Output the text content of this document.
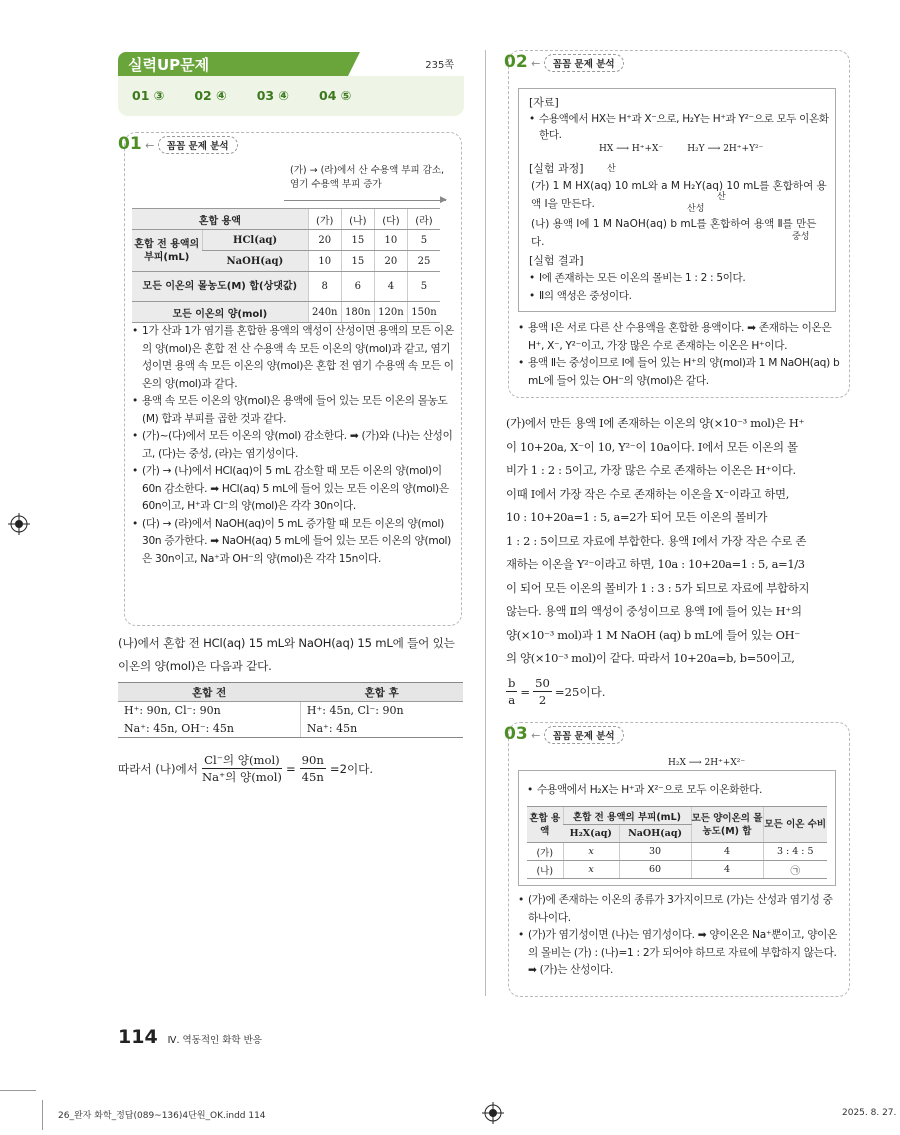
실력UP문제	235쪽
01 ③ 02 ④ 03 ④ 04 ⑤
01 ← 꼼꼼 문제 분석
(가) → (라)에서 산 수용액 부피 감소, 염기 수용액 부피 증가
▶
혼합 용액		(가)	(나)	(다)	(라)
혼합 전 용액의 부피(mL)	HCl(aq)	20	15	10	5
	NaOH(aq)	10	15	20	25
모든 이온의 몰농도(M) 합(상댓값)		8	6	4	5
모든 이온의 양(mol)		240n	180n	120n	150n
• 1가 산과 1가 염기를 혼합한 용액의 액성이 산성이면 용액의 모든 이온의 양(mol)은 혼합 전 산 수용액 속 모든 이온의 양(mol)과 같고, 염기성이면 용액 속 모든 이온의 양(mol)은 혼합 전 염기 수용액 속 모든 이온의 양(mol)과 같다.
• 용액 속 모든 이온의 양(mol)은 용액에 들어 있는 모든 이온의 몰농도(M) 합과 부피를 곱한 것과 같다.
• (가)~(다)에서 모든 이온의 양(mol) 감소한다. ➡ (가)와 (나)는 산성이고, (다)는 중성, (라)는 염기성이다.
• (가) → (나)에서 HCl(aq)이 5 mL 감소할 때 모든 이온의 양(mol)이 60n 감소한다. ➡ HCl(aq) 5 mL에 들어 있는 모든 이온의 양(mol)은 60n이고, H⁺과 Cl⁻의 양(mol)은 각각 30n이다.
• (다) → (라)에서 NaOH(aq)이 5 mL 증가할 때 모든 이온의 양(mol) 30n 증가한다. ➡ NaOH(aq) 5 mL에 들어 있는 모든 이온의 양(mol)은 30n이고, Na⁺과 OH⁻의 양(mol)은 각각 15n이다.
(나)에서 혼합 전 HCl(aq) 15 mL와 NaOH(aq) 15 mL에 들어 있는 이온의 양(mol)은 다음과 같다.
혼합 전	혼합 후
H⁺: 90n, Cl⁻: 90n	H⁺: 45n, Cl⁻: 90n
Na⁺: 45n, OH⁻: 45n	Na⁺: 45n
따라서 (나)에서 $\frac{\text{Cl⁻의 양(mol)}}{\text{Na⁺의 양(mol)}} = \frac{90n}{45n} =2$이다.
02 ← 꼼꼼 문제 분석
[자료]
• 수용액에서 HX는 H⁺과 X⁻으로, H₂Y는 H⁺과 Y²⁻으로 모두 이온화한다.
HX ⟶ H⁺+X⁻	H₂Y ⟶ 2H⁺+Y²⁻
[실험 과정]
(가) 1 M HX(aq) 10 mL와 a M H₂Y(aq) 10 mL를 혼합하여 용액 Ⅰ을 만든다.
(나) 용액 Ⅰ에 1 M NaOH(aq) b mL를 혼합하여 용액 Ⅱ를 만든다.
[실험 결과]
• Ⅰ에 존재하는 모든 이온의 몰비는 1 : 2 : 5이다.
• Ⅱ의 액성은 중성이다.
산
산
산성
중성
• 용액 Ⅰ은 서로 다른 산 수용액을 혼합한 용액이다. ➡ 존재하는 이온은 H⁺, X⁻, Y²⁻이고, 가장 많은 수로 존재하는 이온은 H⁺이다.
• 용액 Ⅱ는 중성이므로 Ⅰ에 들어 있는 H⁺의 양(mol)과 1 M NaOH(aq) b mL에 들어 있는 OH⁻의 양(mol)은 같다.
(가)에서 만든 용액 Ⅰ에 존재하는 이온의 양(×10⁻³ mol)은 H⁺
이 10+20a, X⁻이 10, Y²⁻이 10a이다. Ⅰ에서 모든 이온의 몰
비가 1 : 2 : 5이고, 가장 많은 수로 존재하는 이온은 H⁺이다.
이때 Ⅰ에서 가장 작은 수로 존재하는 이온을 X⁻이라고 하면,
10 : 10+20a=1 : 5, a=2가 되어 모든 이온의 몰비가
1 : 2 : 5이므로 자료에 부합한다. 용액 Ⅰ에서 가장 작은 수로 존
재하는 이온을 Y²⁻이라고 하면, 10a : 10+20a=1 : 5, a=1/3
이 되어 모든 이온의 몰비가 1 : 3 : 5가 되므로 자료에 부합하지
않는다. 용액 Ⅱ의 액성이 중성이므로 용액 Ⅰ에 들어 있는 H⁺의
양(×10⁻³ mol)과 1 M NaOH (aq) b mL에 들어 있는 OH⁻
의 양(×10⁻³ mol)이 같다. 따라서 10+20a=b, b=50이고,
$\frac{b}{a} = \frac{50}{2} =25$이다.
03 ← 꼼꼼 문제 분석
H₂X ⟶ 2H⁺+X²⁻
• 수용액에서 H₂X는 H⁺과 X²⁻으로 모두 이온화한다.
혼합 용액	혼합 전 용액의 부피(mL)		모든 양이온의 몰농도(M) 합	모든 이온 수비
	H₂X(aq)	NaOH(aq)		
(가)	x	30	4	3 : 4 : 5
(나)	x	60	4	㉠
• (가)에 존재하는 이온의 종류가 3가지이므로 (가)는 산성과 염기성 중 하나이다.
• (가)가 염기성이면 (나)는 염기성이다. ➡ 양이온은 Na⁺뿐이고, 양이온의 몰비는 (가) : (나)=1 : 2가 되어야 하므로 자료에 부합하지 않는다. ➡ (가)는 산성이다.
114 Ⅳ. 역동적인 화학 반응
26_완자 화학_정답(089~136)4단원_OK.indd 114	2025. 8. 27.
